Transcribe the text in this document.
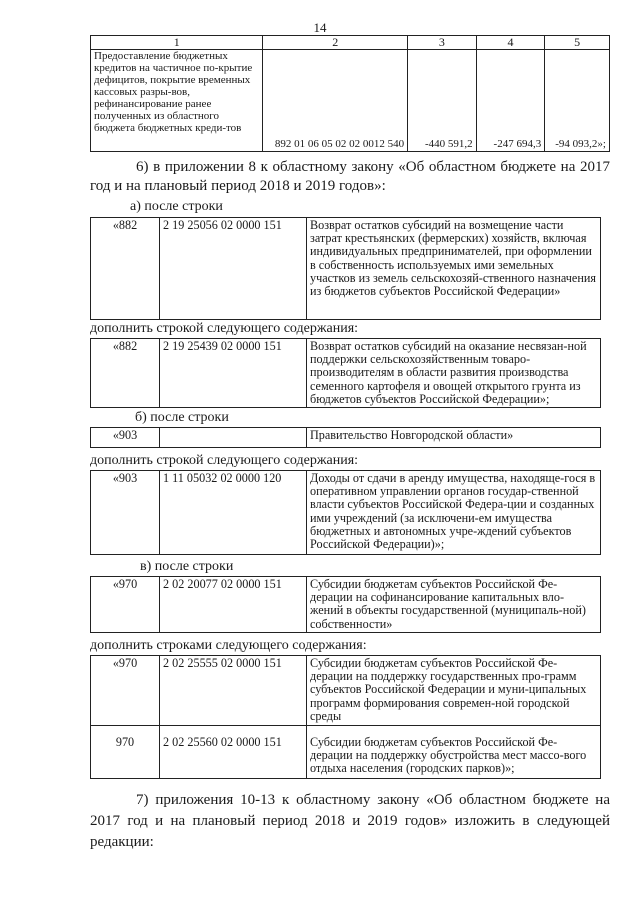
14
1	2	3	4	5
Предоставление бюджетных кредитов на частичное по-крытие дефицитов, покрытие временных кассовых разры-вов, рефинансирование ранее полученных из областного бюджета бюджетных креди-тов	892 01 06 05 02 02 0012 540	-440 591,2	-247 694,3	-94 093,2»;
6) в приложении 8 к областному закону «Об областном бюджете на 2017 год и на плановый период 2018 и 2019 годов»:
а) после строки
«882	2 19 25056 02 0000 151	Возврат остатков субсидий на возмещение части затрат крестьянских (фермерских) хозяйств, включая индивидуальных предпринимателей, при оформлении в собственность используемых ими земельных участков из земель сельскохозяй-ственного назначения из бюджетов субъектов Российской Федерации»
дополнить строкой следующего содержания:
«882	2 19 25439 02 0000 151	Возврат остатков субсидий на оказание несвязан-ной поддержки сельскохозяйственным товаро-производителям в области развития производства семенного картофеля и овощей открытого грунта из бюджетов субъектов Российской Федерации»;
б) после строки
«903		Правительство Новгородской области»
дополнить строкой следующего содержания:
«903	1 11 05032 02 0000 120	Доходы от сдачи в аренду имущества, находяще-гося в оперативном управлении органов государ-ственной власти субъектов Российской Федера-ции и созданных ими учреждений (за исключени-ем имущества бюджетных и автономных учре-ждений субъектов Российской Федерации)»;
в) после строки
«970	2 02 20077 02 0000 151	Субсидии бюджетам субъектов Российской Фе-дерации на софинансирование капитальных вло-жений в объекты государственной (муниципаль-ной) собственности»
дополнить строками следующего содержания:
«970	2 02 25555 02 0000 151	Субсидии бюджетам субъектов Российской Фе-дерации на поддержку государственных про-грамм субъектов Российской Федерации и муни-ципальных программ формирования современ-ной городской среды
970	2 02 25560 02 0000 151	Субсидии бюджетам субъектов Российской Фе-дерации на поддержку обустройства мест массо-вого отдыха населения (городских парков)»;
7) приложения 10-13 к областному закону «Об областном бюджете на 2017 год и на плановый период 2018 и 2019 годов» изложить в следующей редакции:
